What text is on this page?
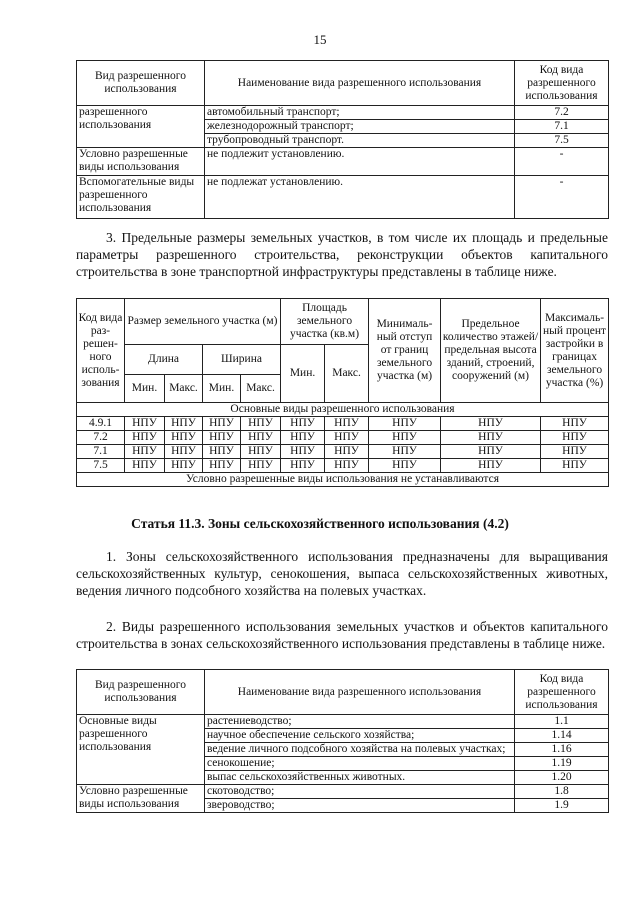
15
Вид разрешенного использования	Наименование вида разрешенного использования	Код вида разрешенного использования
разрешенного использования	автомобильный транспорт;	7.2
	железнодорожный транспорт;	7.1
	трубопроводный транспорт.	7.5
Условно разрешенные виды использования	не подлежит установлению.	-
Вспомогательные виды разрешенного использования	не подлежат установлению.	-
3. Предельные размеры земельных участков, в том числе их площадь и предельные параметры разрешенного строительства, реконструкции объектов капитального строительства в зоне транспортной инфраструктуры представлены в таблице ниже.
Код вида раз- решен- ного исполь- зования	Размер земельного участка (м)				Площадь земельного участка (кв.м)		Минималь- ный отступ от границ земельного участка (м)	Предельное количество этажей/ предельная высота зданий, строений, сооружений (м)	Максималь- ный процент застройки в границах земельного участка (%)
	Длина		Ширина		Мин.	Макс.			
	Мин.	Макс.	Мин.	Макс.					
Основные виды разрешенного использования									
4.9.1	НПУ	НПУ	НПУ	НПУ	НПУ	НПУ	НПУ	НПУ	НПУ
7.2	НПУ	НПУ	НПУ	НПУ	НПУ	НПУ	НПУ	НПУ	НПУ
7.1	НПУ	НПУ	НПУ	НПУ	НПУ	НПУ	НПУ	НПУ	НПУ
7.5	НПУ	НПУ	НПУ	НПУ	НПУ	НПУ	НПУ	НПУ	НПУ
Условно разрешенные виды использования не устанавливаются									
Статья 11.3. Зоны сельскохозяйственного использования (4.2)
1. Зоны сельскохозяйственного использования предназначены для выращивания сельскохозяйственных культур, сенокошения, выпаса сельскохозяйственных животных, ведения личного подсобного хозяйства на полевых участках.
2. Виды разрешенного использования земельных участков и объектов капитального строительства в зонах сельскохозяйственного использования представлены в таблице ниже.
Вид разрешенного использования	Наименование вида разрешенного использования	Код вида разрешенного использования
Основные виды разрешенного использования	растениеводство;	1.1
	научное обеспечение сельского хозяйства;	1.14
	ведение личного подсобного хозяйства на полевых участках;	1.16
	сенокошение;	1.19
	выпас сельскохозяйственных животных.	1.20
Условно разрешенные виды использования	скотоводство;	1.8
	звероводство;	1.9
